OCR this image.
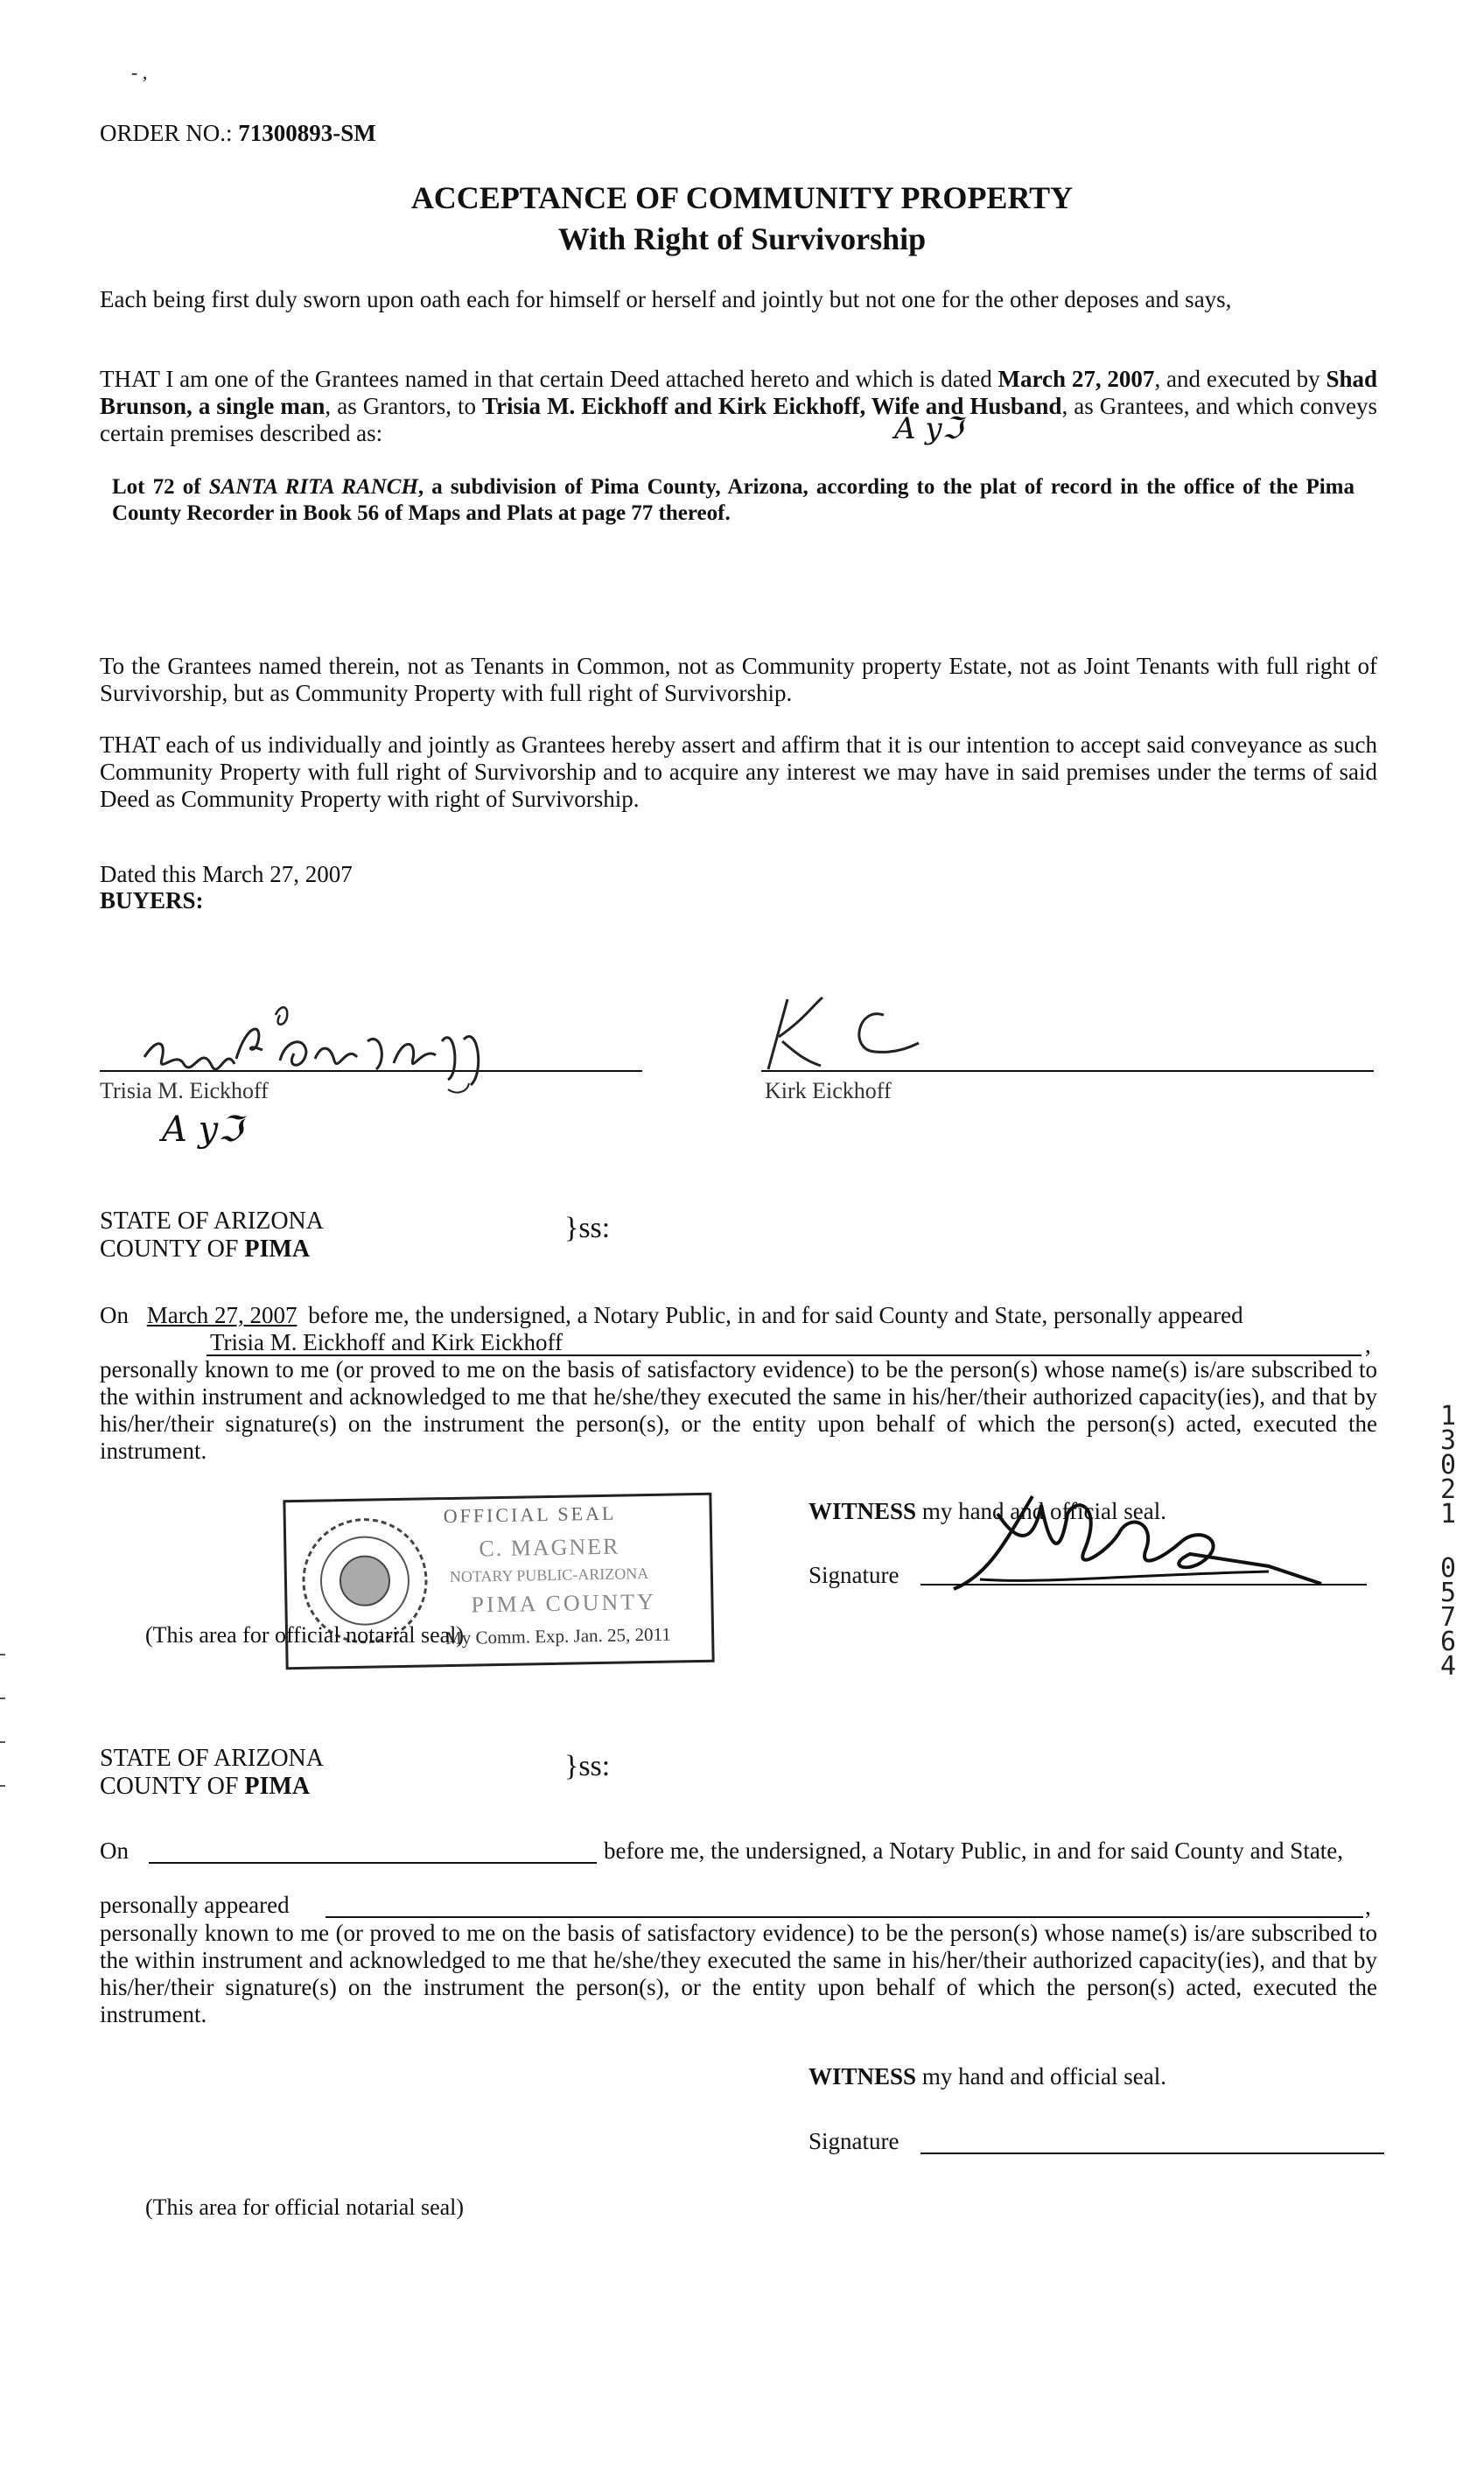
- ,
ORDER NO.: 71300893-SM
ACCEPTANCE OF COMMUNITY PROPERTY
With Right of Survivorship

Each being first duly sworn upon oath each for himself or herself and jointly but not one for the other deposes and says,

THAT I am one of the Grantees named in that certain Deed attached hereto and which is dated March 27, 2007, and executed by Shad Brunson, a single man, as Grantors, to Trisia M. Eickhoff and Kirk Eickhoff, Wife and Husband, as Grantees, and which conveys certain premises described as:	A 𝑦ℑ

Lot 72 of SANTA RITA RANCH, a subdivision of Pima County, Arizona, according to the plat of record in the office of the Pima County Recorder in Book 56 of Maps and Plats at page 77 thereof.

To the Grantees named therein, not as Tenants in Common, not as Community property Estate, not as Joint Tenants with full right of Survivorship, but as Community Property with full right of Survivorship.

THAT each of us individually and jointly as Grantees hereby assert and affirm that it is our intention to accept said conveyance as such Community Property with full right of Survivorship and to acquire any interest we may have in said premises under the terms of said Deed as Community Property with right of Survivorship.

Dated this March 27, 2007
BUYERS:
Trisia M. Eickhoff
A 𝑦ℑ
Kirk Eickhoff
STATE OF ARIZONA
COUNTY OF PIMA
}ss:
On March 27, 2007 before me, the undersigned, a Notary Public, in and for said County and State, personally appeared
Trisia M. Eickhoff and Kirk Eickhoff	,

personally known to me (or proved to me on the basis of satisfactory evidence) to be the person(s) whose name(s) is/are subscribed to the within instrument and acknowledged to me that he/she/they executed the same in his/her/their authorized capacity(ies), and that by his/her/their signature(s) on the instrument the person(s), or the entity upon behalf of which the person(s) acted, executed the instrument.

OFFICIAL SEAL
C. MAGNER
NOTARY PUBLIC-ARIZONA
PIMA COUNTY
My Comm. Exp. Jan. 25, 2011
(This area for official notarial seal)
WITNESS my hand and official seal.
Signature
1
3
0
2
1
0
5
7
6
4
STATE OF ARIZONA
COUNTY OF PIMA
}ss:
On	before me, the undersigned, a Notary Public, in and for said County and State,
personally appeared	,

personally known to me (or proved to me on the basis of satisfactory evidence) to be the person(s) whose name(s) is/are subscribed to the within instrument and acknowledged to me that he/she/they executed the same in his/her/their authorized capacity(ies), and that by his/her/their signature(s) on the instrument the person(s), or the entity upon behalf of which the person(s) acted, executed the instrument.

WITNESS my hand and official seal.
Signature
(This area for official notarial seal)
